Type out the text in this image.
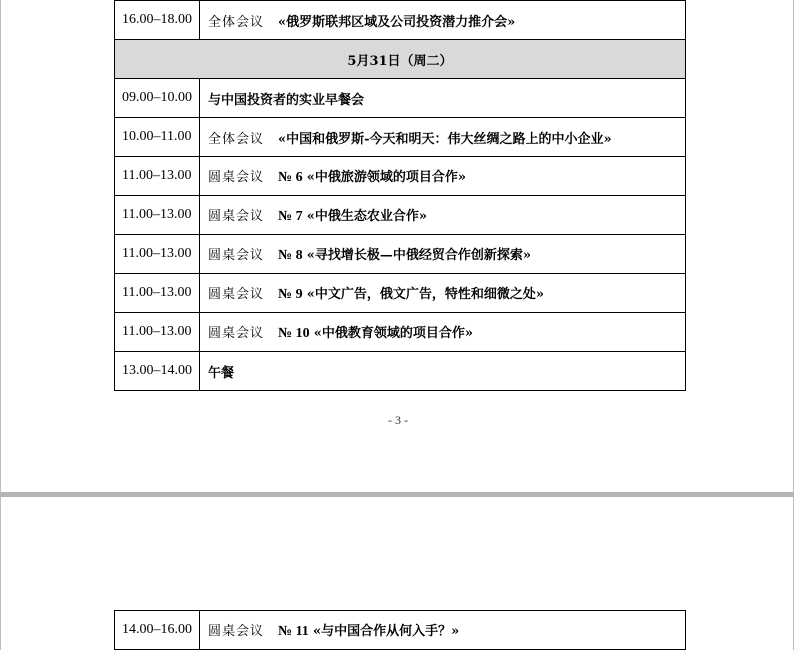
16.00–18.00	全体会议 «俄罗斯联邦区域及公司投资潜力推介会»
5月31日（周二）	
09.00–10.00	与中国投资者的实业早餐会
10.00–11.00	全体会议 «中国和俄罗斯-今天和明天：伟大丝绸之路上的中小企业»
11.00–13.00	圆桌会议 № 6 «中俄旅游领域的项目合作»
11.00–13.00	圆桌会议 № 7 «中俄生态农业合作»
11.00–13.00	圆桌会议 № 8 «寻找增长极—中俄经贸合作创新探索»
11.00–13.00	圆桌会议 № 9 «中文广告，俄文广告，特性和细微之处»
11.00–13.00	圆桌会议 № 10 «中俄教育领域的项目合作»
13.00–14.00	午餐
- 3 -
14.00–16.00	圆桌会议 № 11 «与中国合作从何入手？»
